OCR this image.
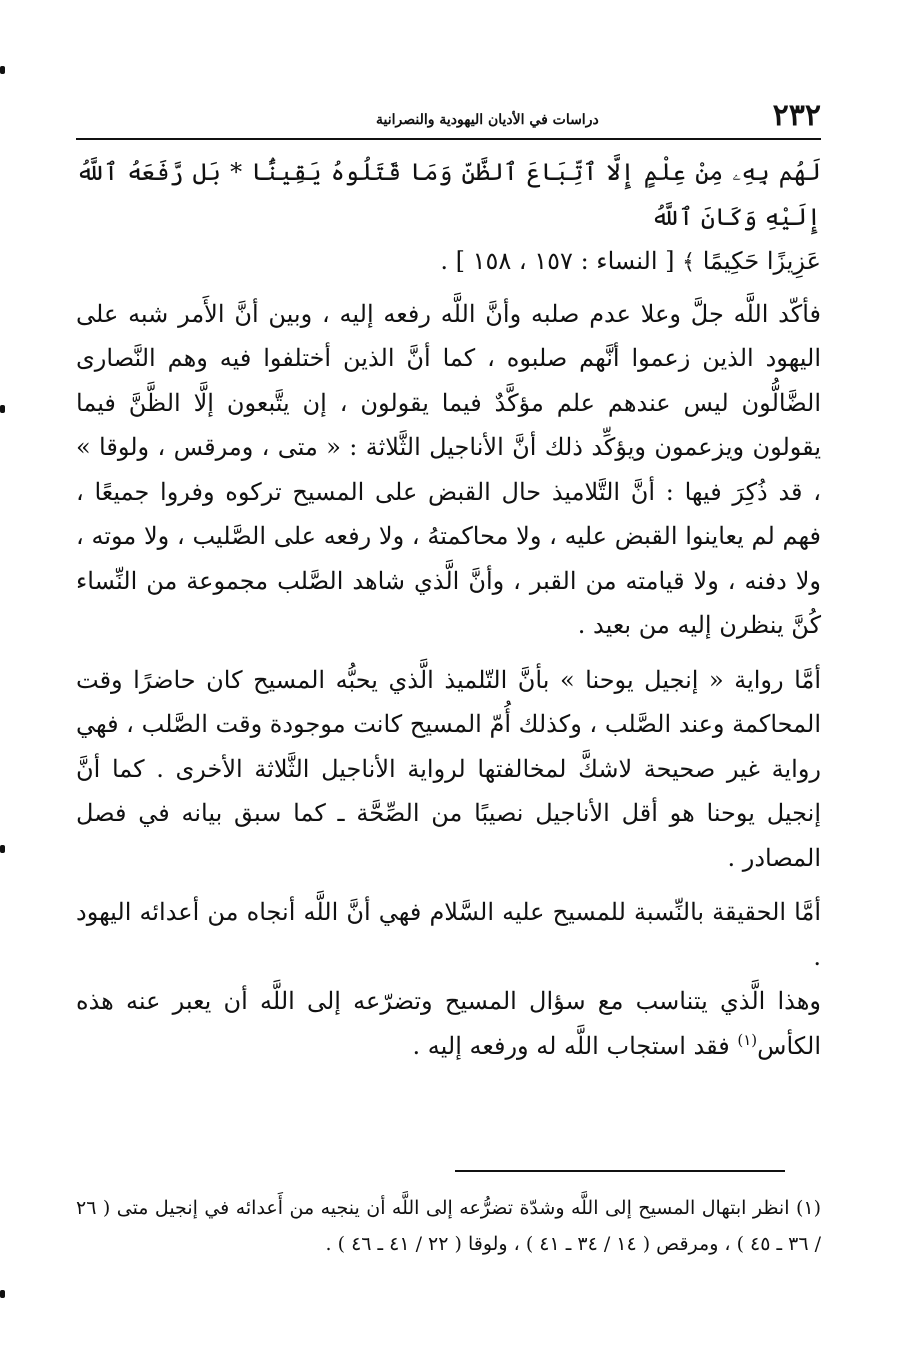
٢٣٢
دراسات في الأديان اليهودية والنصرانية

لَهُم بِهِۦ مِنْ عِلْمٍ إِلَّا ٱتِّبَاعَ ٱلظَّنِّ وَمَا قَتَلُوهُ يَقِينًۢا * بَل رَّفَعَهُ ٱللَّهُ إِلَيْهِ وَكَانَ ٱللَّهُ

عَزِيزًا حَكِيمًا ﴾ [ النساء : ١٥٧ ، ١٥٨ ] .

فأكّد اللَّه جلَّ وعلا عدم صلبه وأنَّ اللَّه رفعه إليه ، وبين أنَّ الأَمر شبه على اليهود الذين زعموا أنَّهم صلبوه ، كما أنَّ الذين أختلفوا فيه وهم النَّصارى الضَّالُّون ليس عندهم علم مؤكَّدٌ فيما يقولون ، إن يتَّبعون إلَّا الظَّنَّ فيما يقولون ويزعمون ويؤكِّد ذلك أنَّ الأناجيل الثَّلاثة : « متى ، ومرقس ، ولوقا » ، قد ذُكِرَ فيها : أنَّ التَّلاميذ حال القبض على المسيح تركوه وفروا جميعًا ، فهم لم يعاينوا القبض عليه ، ولا محاكمتهُ ، ولا رفعه على الصَّليب ، ولا موته ، ولا دفنه ، ولا قيامته من القبر ، وأنَّ الَّذي شاهد الصَّلب مجموعة من النِّساء كُنَّ ينظرن إليه من بعيد .

أمَّا رواية « إنجيل يوحنا » بأنَّ التّلميذ الَّذي يحبُّه المسيح كان حاضرًا وقت المحاكمة وعند الصَّلب ، وكذلك أُمّ المسيح كانت موجودة وقت الصَّلب ، فهي رواية غير صحيحة لاشكَّ لمخالفتها لرواية الأناجيل الثَّلاثة الأخرى . كما أنَّ إنجيل يوحنا هو أقل الأناجيل نصيبًا من الصِّحَّة ـ كما سبق بيانه في فصل المصادر .

أمَّا الحقيقة بالنِّسبة للمسيح عليه السَّلام فهي أنَّ اللَّه أنجاه من أعدائه اليهود .

وهذا الَّذي يتناسب مع سؤال المسيح وتضرّعه إلى اللَّه أن يعبر عنه هذه الكأس$^{(١)}$ فقد استجاب اللَّه له ورفعه إليه .

(١) انظر ابتهال المسيح إلى اللَّه وشدّة تضرُّعه إلى اللَّه أن ينجيه من أَعدائه في إنجيل متى ( ٢٦ / ٣٦ ـ ٤٥ ) ، ومرقص ( ١٤ / ٣٤ ـ ٤١ ) ، ولوقا ( ٢٢ / ٤١ ـ ٤٦ ) .
